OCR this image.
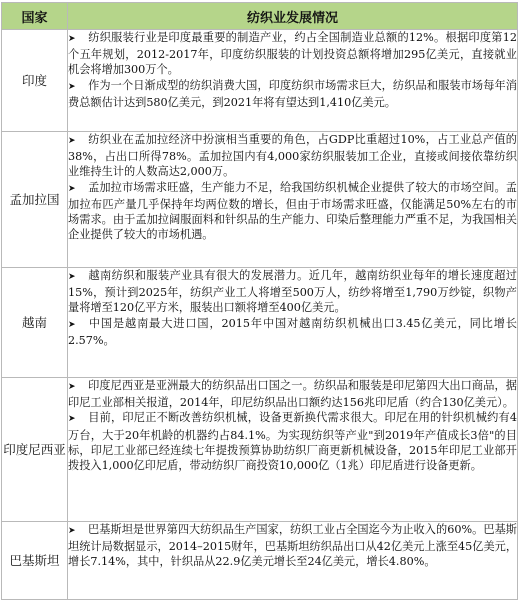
国家	纺织业发展情况
印度	➤ 纺织服装行业是印度最重要的制造产业，约占全国制造业总额的12%。根据印度第12个五年规划，2012-2017年，印度纺织服装的计划投资总额将增加295亿美元，直接就业机会将增加300万个。

➤ 作为一个日渐成型的纺织消费大国，印度纺织市场需求巨大，纺织品和服装市场每年消费总额估计达到580亿美元，到2021年将有望达到1,410亿美元。

孟加拉国	➤ 纺织业在孟加拉经济中扮演相当重要的角色，占GDP比重超过10%，占工业总产值的38%，占出口所得78%。孟加拉国内有4,000家纺织服装加工企业，直接或间接依靠纺织业维持生计的人数高达2,000万。

➤ 孟加拉市场需求旺盛，生产能力不足，给我国纺织机械企业提供了较大的市场空间。孟加拉布匹产量几乎保持年均两位数的增长，但由于市场需求旺盛，仅能满足50%左右的市场需求。由于孟加拉阔服面料和针织品的生产能力、印染后整理能力严重不足，为我国相关企业提供了较大的市场机遇。

越南	➤ 越南纺织和服装产业具有很大的发展潜力。近几年，越南纺织业每年的增长速度超过15%，预计到2025年，纺织产业工人将增至500万人，纺纱将增至1,790万纱锭，织物产量将增至120亿平方米，服装出口额将增至400亿美元。

➤ 中国是越南最大进口国，2015年中国对越南纺织机械出口3.45亿美元，同比增长2.57%。

印度尼西亚	➤ 印度尼西亚是亚洲最大的纺织品出口国之一。纺织品和服装是印尼第四大出口商品，据印尼工业部相关报道，2014年，印尼纺织品出口额约达156兆印尼盾（约合130亿美元）。

➤ 目前，印尼正不断改善纺织机械，设备更新换代需求很大。印尼在用的针织机械约有4万台，大于20年机龄的机器约占84.1%。为实现纺织等产业"到2019年产值成长3倍"的目标，印尼工业部已经连续七年提拨预算协助纺织厂商更新机械设备，2015年印尼工业部开拨投入1,000亿印尼盾，带动纺织厂商投资10,000亿（1兆）印尼盾进行设备更新。

巴基斯坦	➤ 巴基斯坦是世界第四大纺织品生产国家，纺织工业占全国迄今为止收入的60%。巴基斯坦统计局数据显示，2014–2015财年，巴基斯坦纺织品出口从42亿美元上涨至45亿美元，增长7.14%，其中，针织品从22.9亿美元增长至24亿美元，增长4.80%。
